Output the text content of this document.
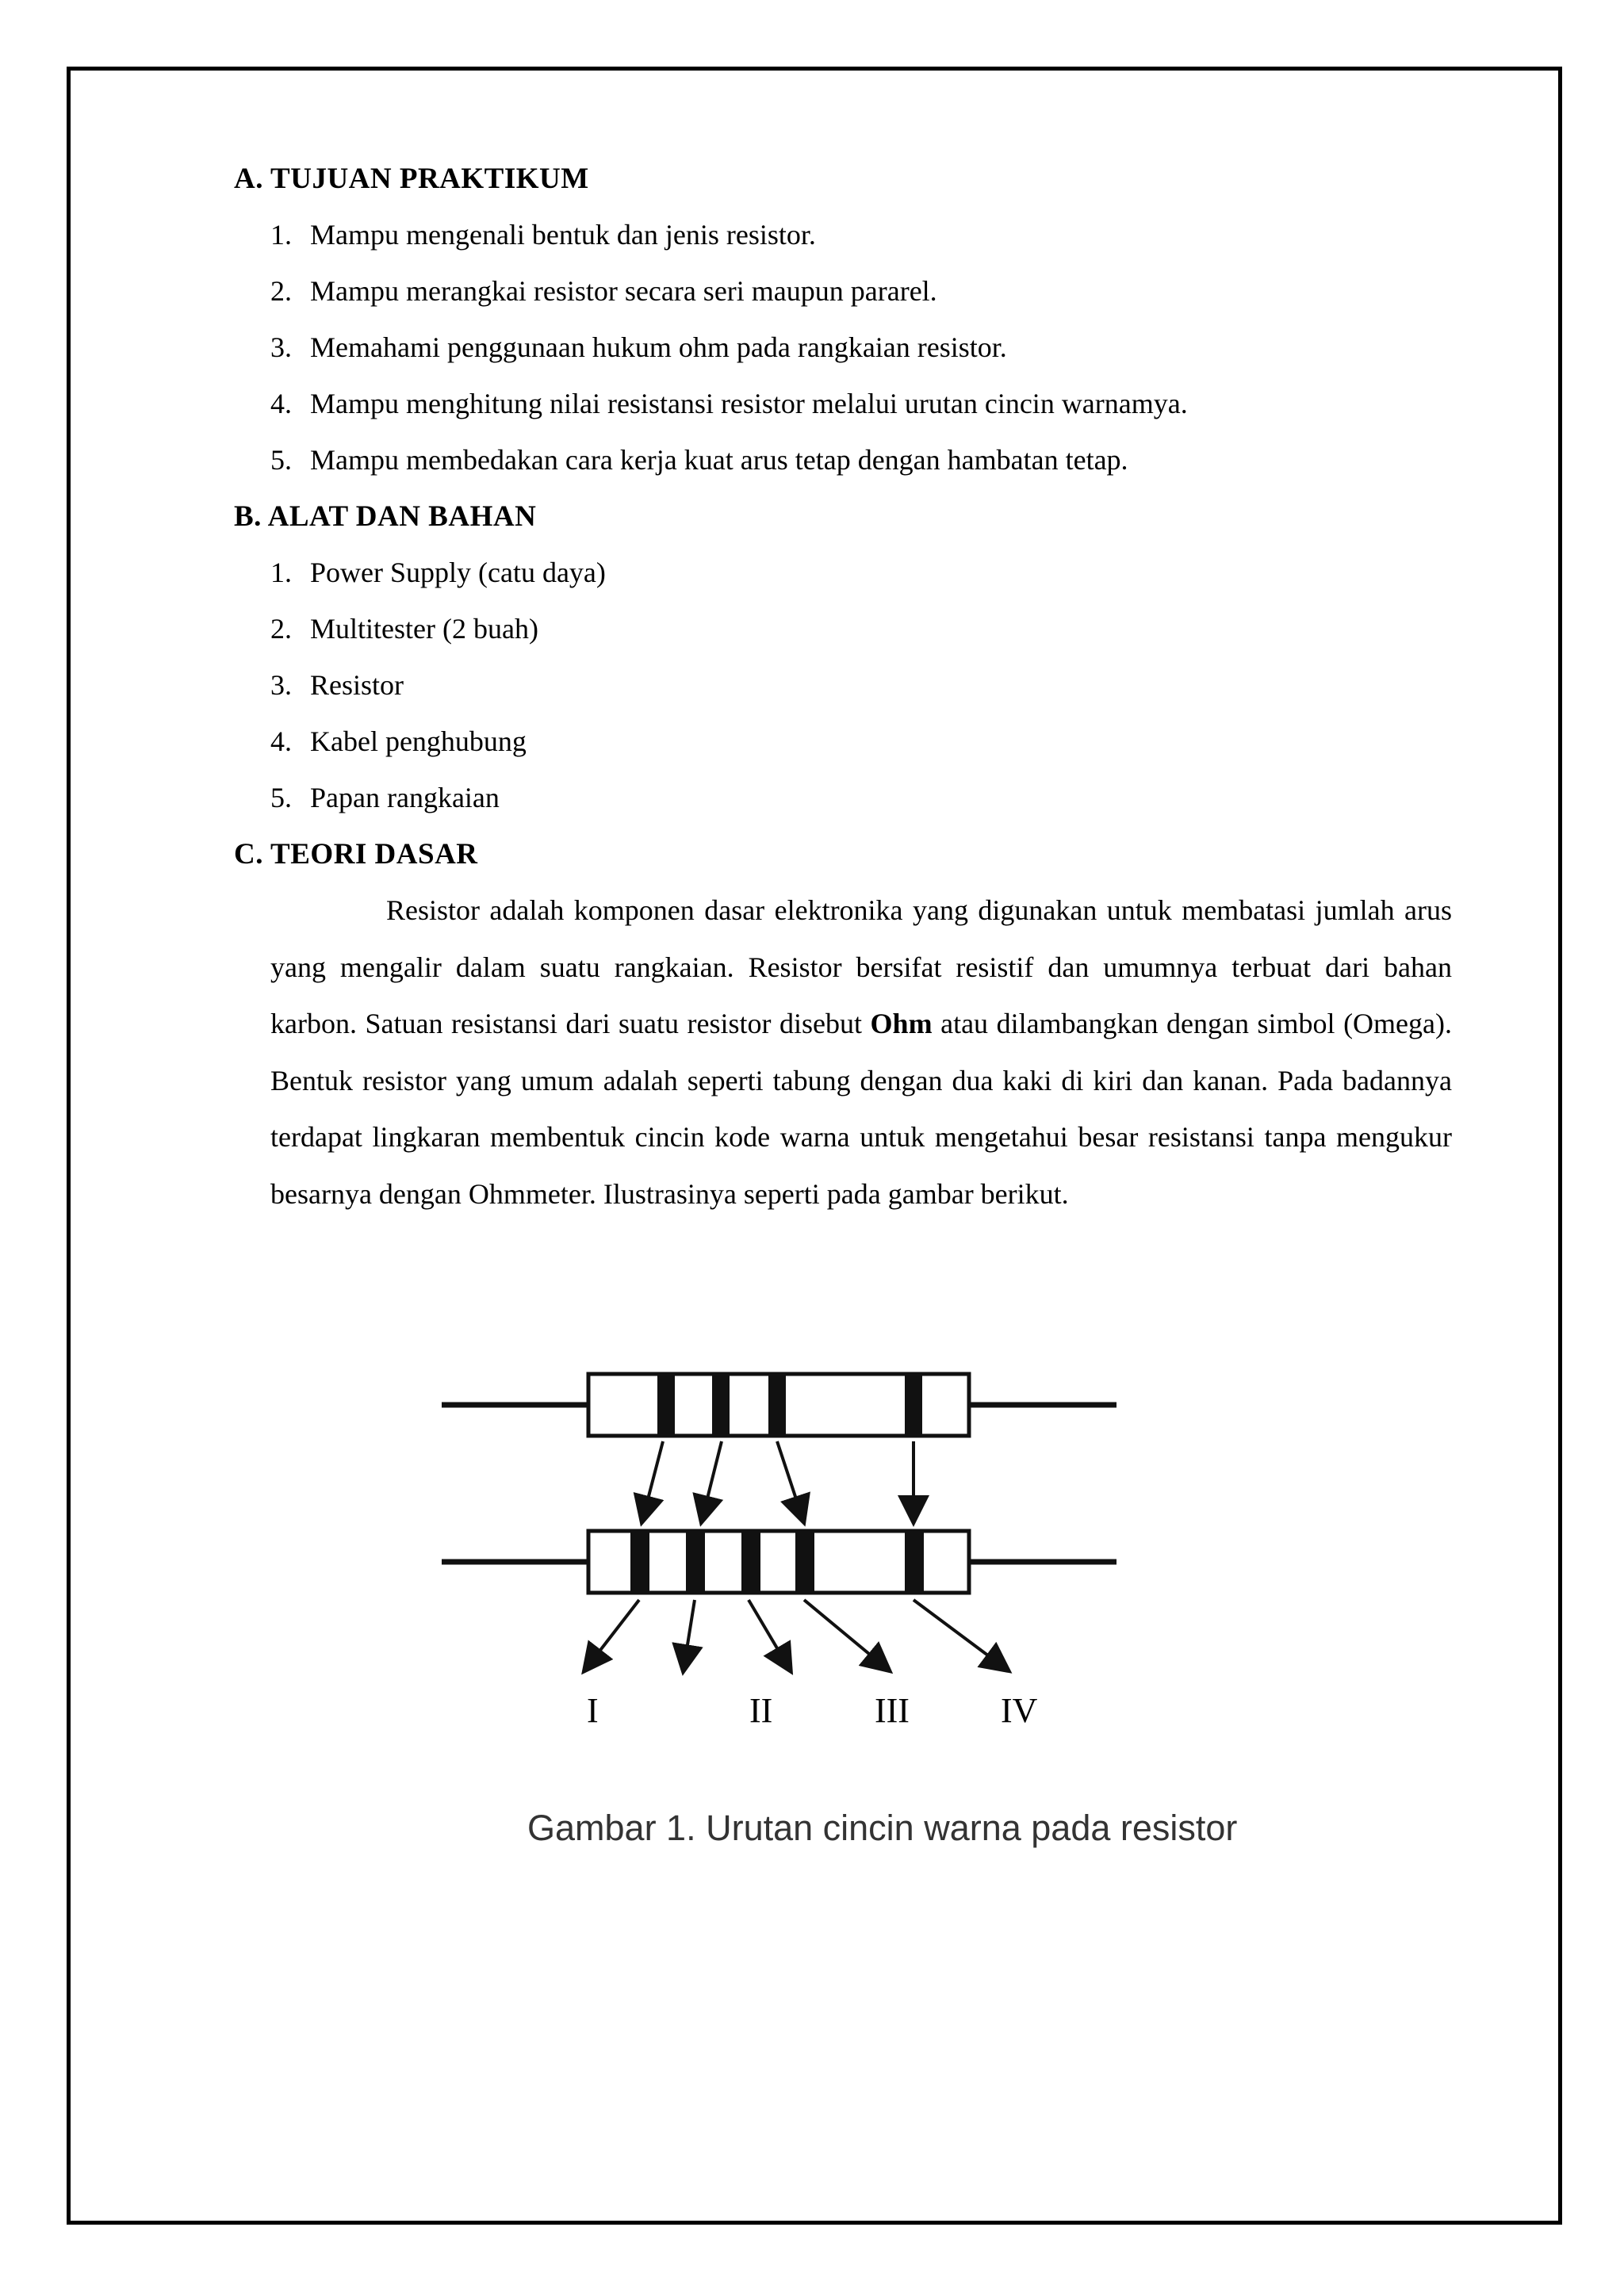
A. TUJUAN PRAKTIKUM
1. Mampu mengenali bentuk dan jenis resistor.
2. Mampu merangkai resistor secara seri maupun pararel.
3. Memahami penggunaan hukum ohm pada rangkaian resistor.
4. Mampu menghitung nilai resistansi resistor melalui urutan cincin warnamya.
5. Mampu membedakan cara kerja kuat arus tetap dengan hambatan tetap.
B. ALAT DAN BAHAN
1. Power Supply (catu daya)
2. Multitester (2 buah)
3. Resistor
4. Kabel penghubung
5. Papan rangkaian
C. TEORI DASAR

Resistor adalah komponen dasar elektronika yang digunakan untuk membatasi jumlah arus yang mengalir dalam suatu rangkaian. Resistor bersifat resistif dan umumnya terbuat dari bahan karbon. Satuan resistansi dari suatu resistor disebut Ohm atau dilambangkan dengan simbol (Omega). Bentuk resistor yang umum adalah seperti tabung dengan dua kaki di kiri dan kanan. Pada badannya terdapat lingkaran membentuk cincin kode warna untuk mengetahui besar resistansi tanpa mengukur besarnya dengan Ohmmeter. Ilustrasinya seperti pada gambar berikut.

I	II	III	IV
Gambar 1. Urutan cincin warna pada resistor
